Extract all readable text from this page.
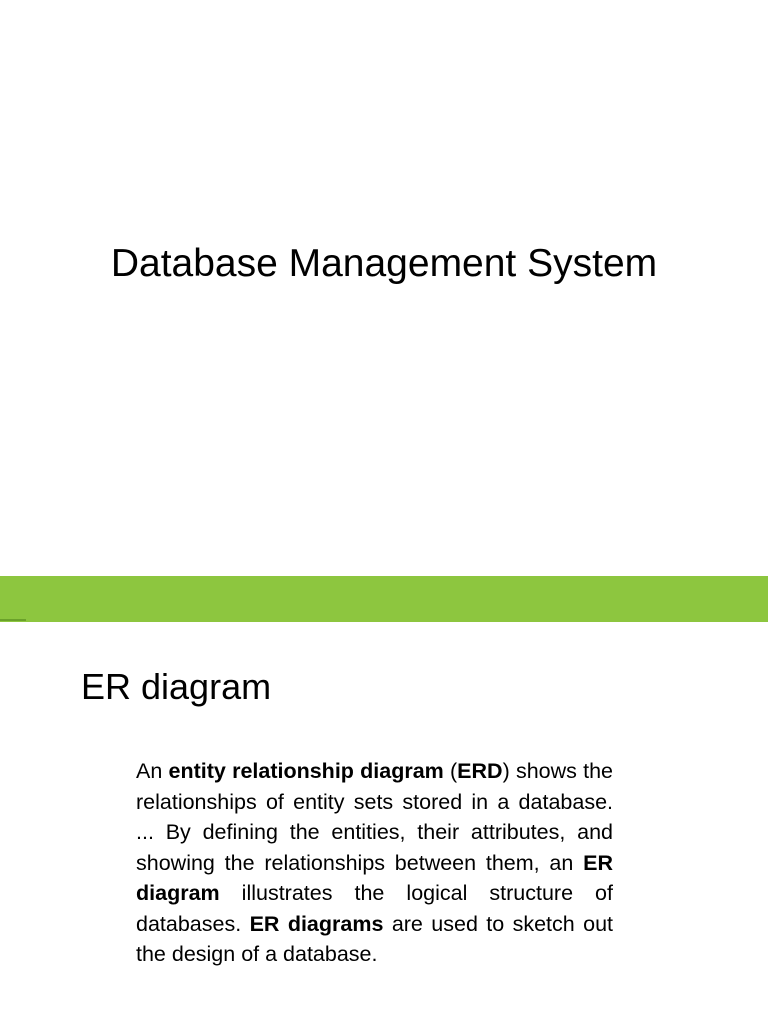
Database Management System
ER diagram

An entity relationship diagram (ERD) shows the relationships of entity sets stored in a database. ... By defining the entities, their attributes, and showing the relationships between them, an ER diagram illustrates the logical structure of databases. ER diagrams are used to sketch out the design of a database.
